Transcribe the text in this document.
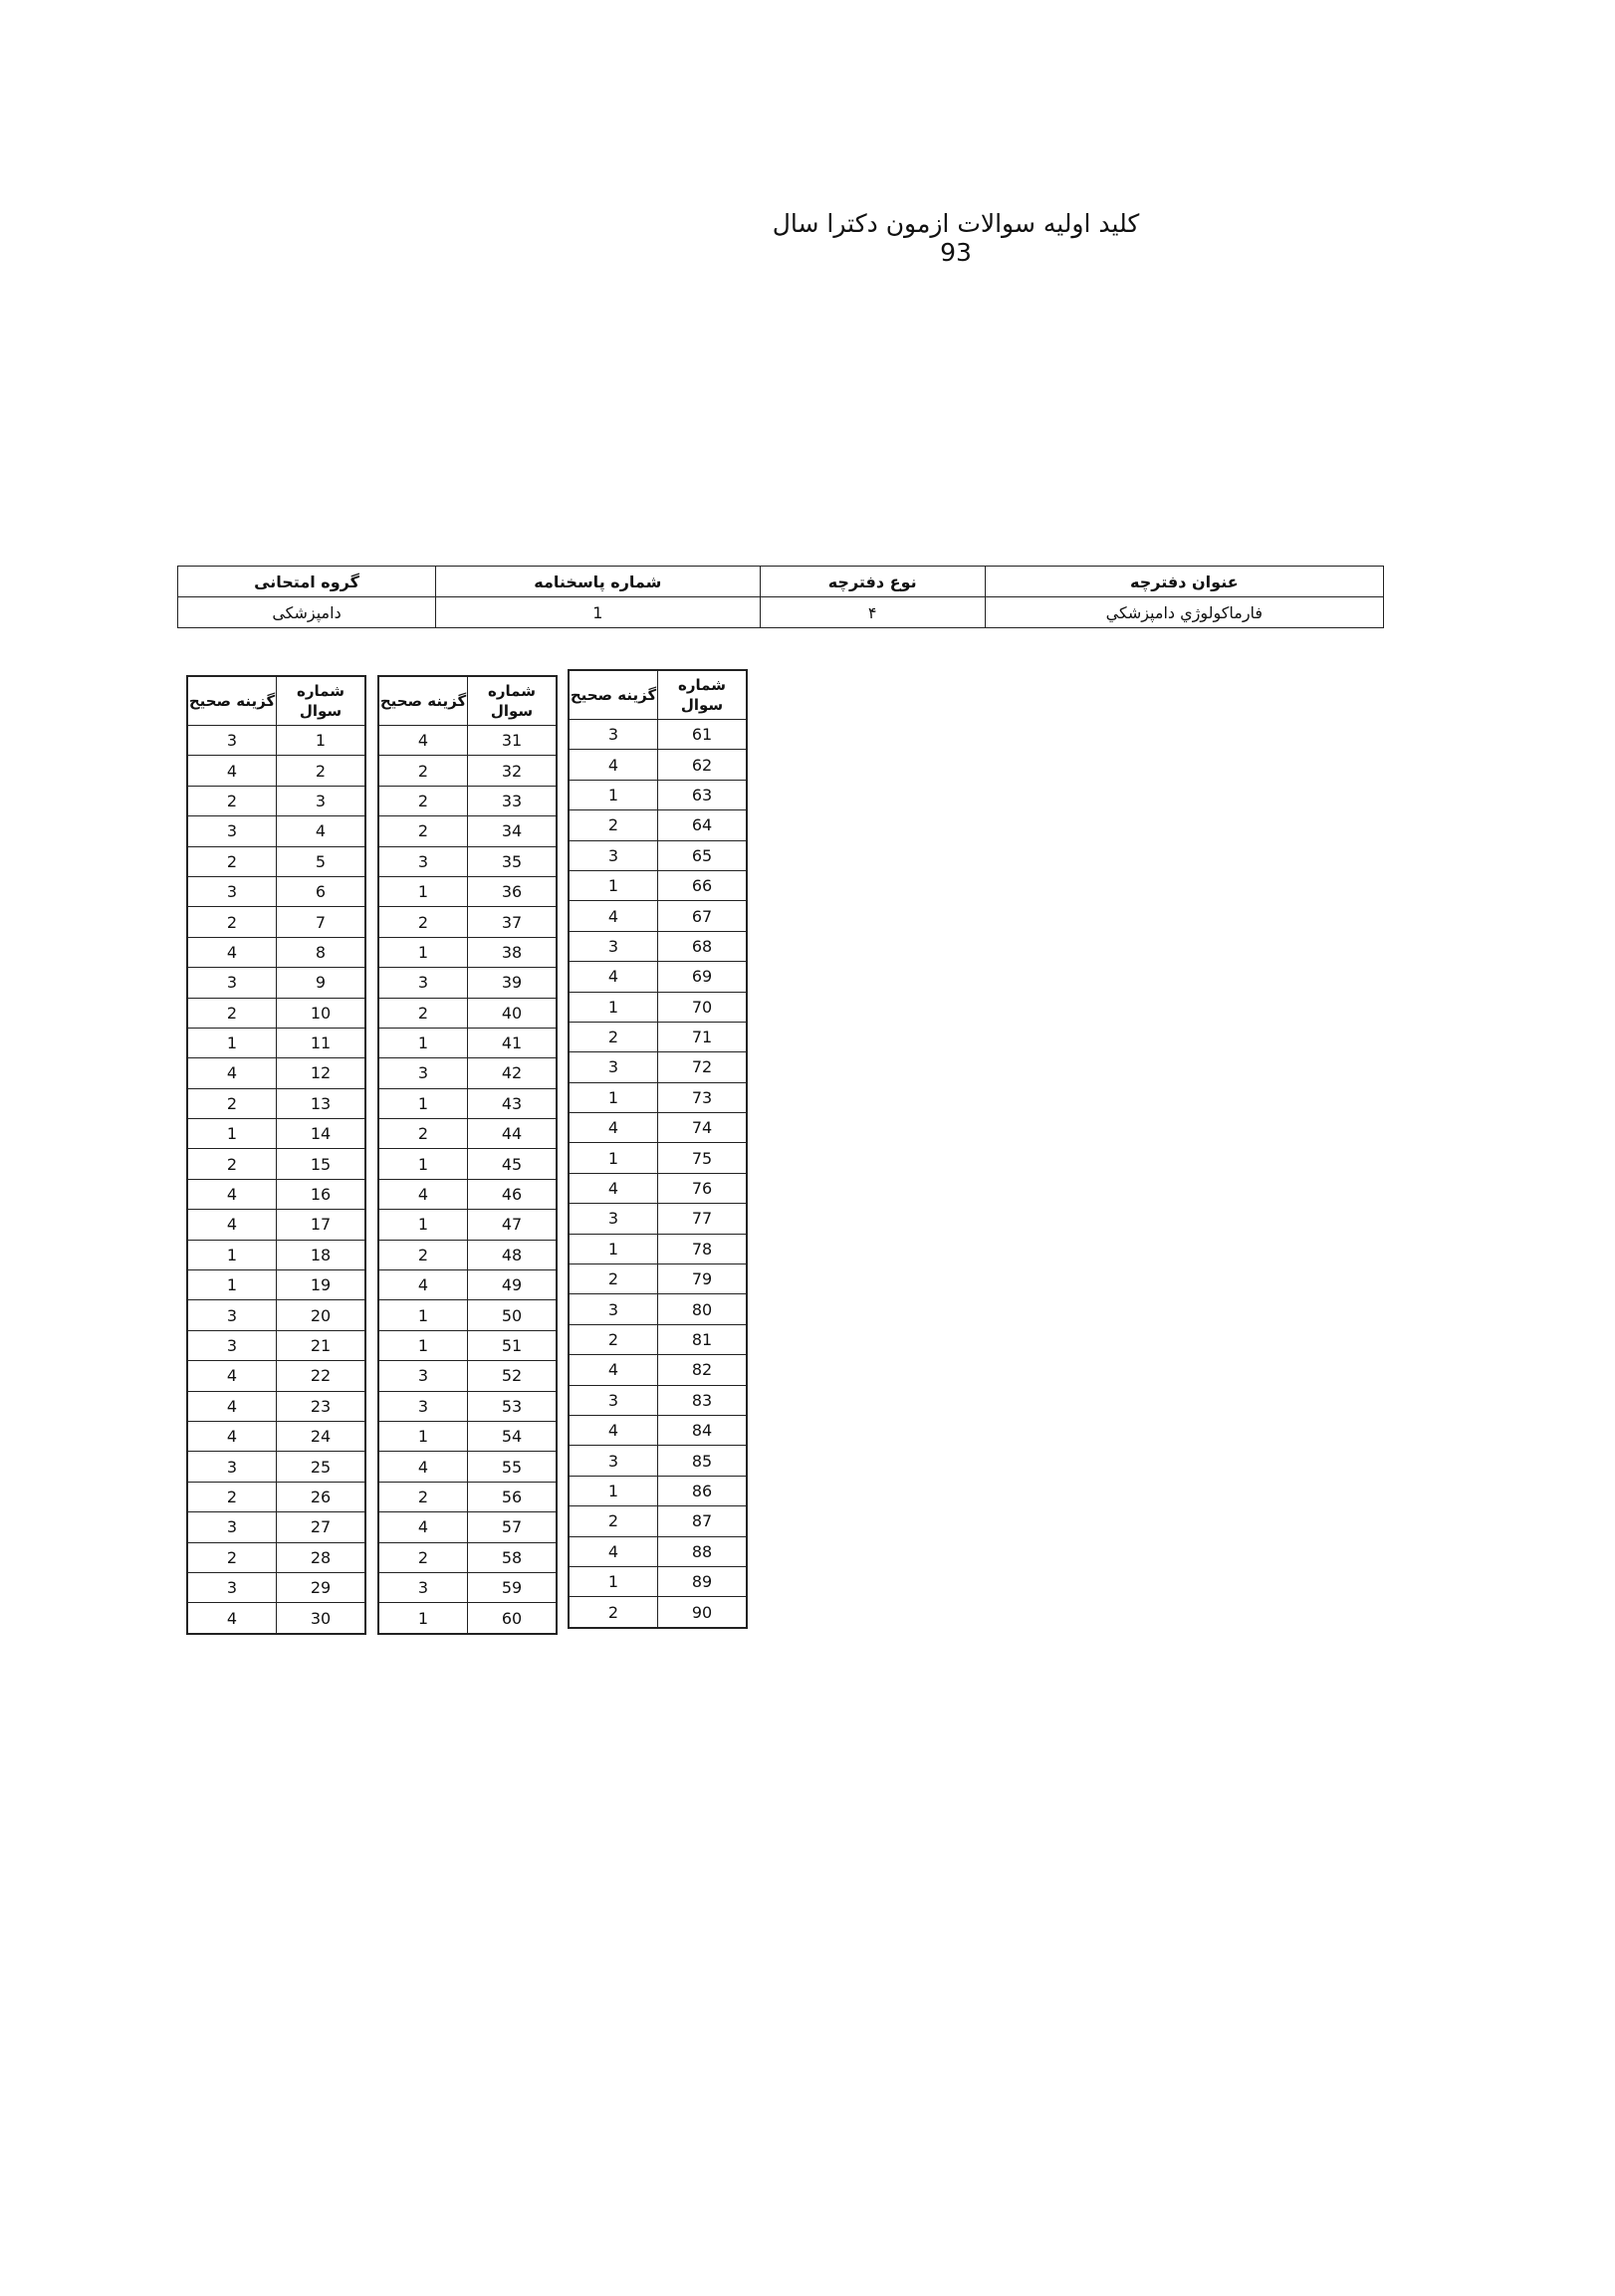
کلید اولیه سوالات ازمون دکترا سال 93
عنوان دفترچه	نوع دفترچه	شماره پاسخنامه	گروه امتحانی
فارماکولوژي دامپزشکي	۴	1	دامپزشکی
شماره سوال	گزینه صحیح
1	3
2	4
3	2
4	3
5	2
6	3
7	2
8	4
9	3
10	2
11	1
12	4
13	2
14	1
15	2
16	4
17	4
18	1
19	1
20	3
21	3
22	4
23	4
24	4
25	3
26	2
27	3
28	2
29	3
30	4
شماره سوال	گزینه صحیح
31	4
32	2
33	2
34	2
35	3
36	1
37	2
38	1
39	3
40	2
41	1
42	3
43	1
44	2
45	1
46	4
47	1
48	2
49	4
50	1
51	1
52	3
53	3
54	1
55	4
56	2
57	4
58	2
59	3
60	1
شماره سوال	گزینه صحیح
61	3
62	4
63	1
64	2
65	3
66	1
67	4
68	3
69	4
70	1
71	2
72	3
73	1
74	4
75	1
76	4
77	3
78	1
79	2
80	3
81	2
82	4
83	3
84	4
85	3
86	1
87	2
88	4
89	1
90	2
